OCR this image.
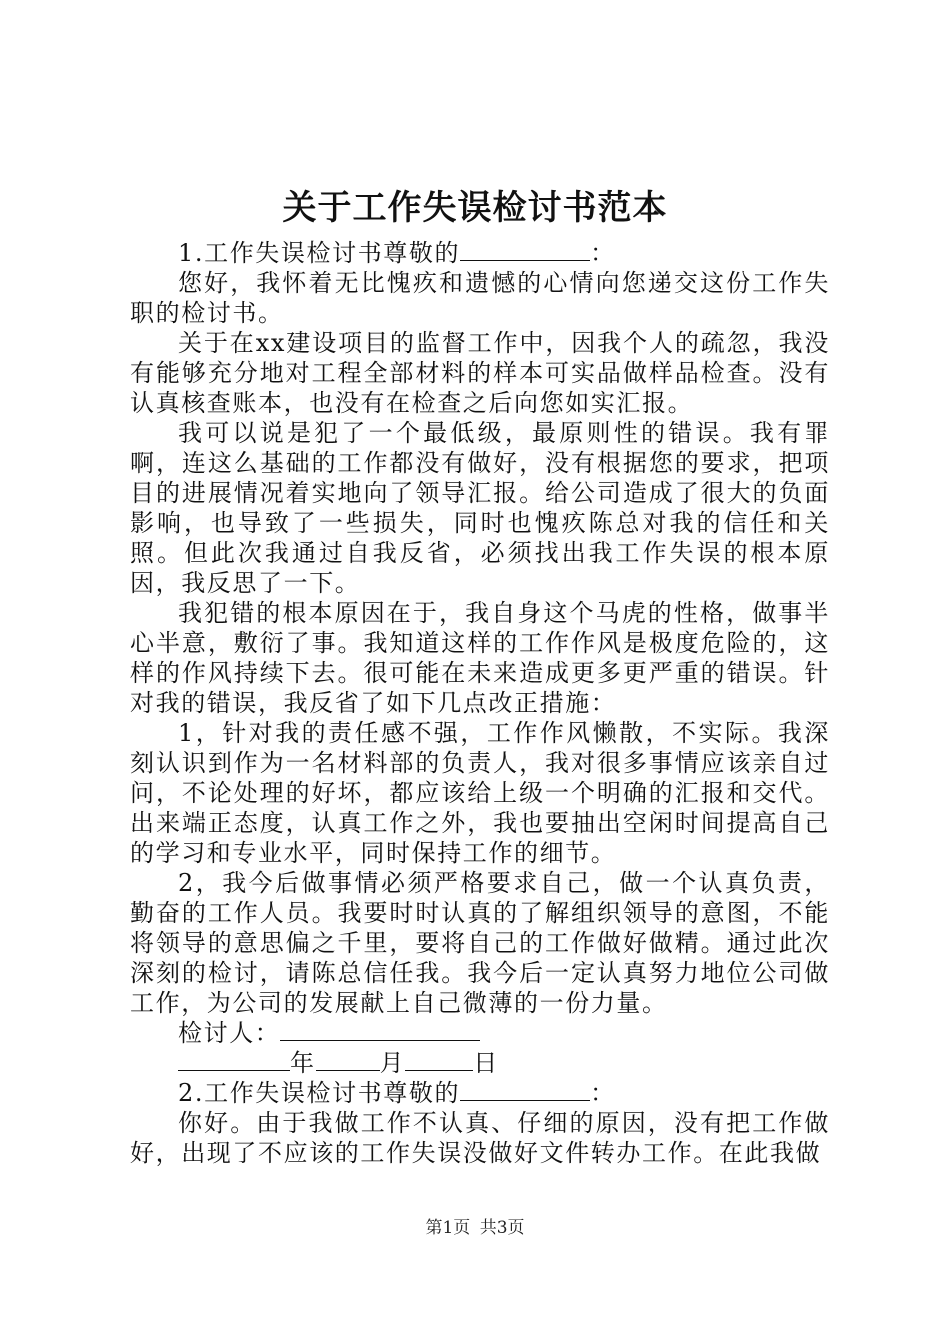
关于工作失误检讨书范本

1.工作失误检讨书尊敬的	：

您好，我怀着无比愧疚和遗憾的心情向您递交这份工作失职的检讨书。

关于在xx建设项目的监督工作中，因我个人的疏忽，我没有能够充分地对工程全部材料的样本可实品做样品检查。没有认真核查账本，也没有在检查之后向您如实汇报。

我可以说是犯了一个最低级，最原则性的错误。我有罪啊，连这么基础的工作都没有做好，没有根据您的要求，把项目的进展情况着实地向了领导汇报。给公司造成了很大的负面影响，也导致了一些损失，同时也愧疚陈总对我的信任和关照。但此次我通过自我反省，必须找出我工作失误的根本原因，我反思了一下。

我犯错的根本原因在于，我自身这个马虎的性格，做事半心半意，敷衍了事。我知道这样的工作作风是极度危险的，这样的作风持续下去。很可能在未来造成更多更严重的错误。针对我的错误，我反省了如下几点改正措施：

1，针对我的责任感不强，工作作风懒散，不实际。我深刻认识到作为一名材料部的负责人，我对很多事情应该亲自过问，不论处理的好坏，都应该给上级一个明确的汇报和交代。出来端正态度，认真工作之外，我也要抽出空闲时间提高自己的学习和专业水平，同时保持工作的细节。

2，我今后做事情必须严格要求自己，做一个认真负责，勤奋的工作人员。我要时时认真的了解组织领导的意图，不能将领导的意思偏之千里，要将自己的工作做好做精。通过此次深刻的检讨，请陈总信任我。我今后一定认真努力地位公司做工作，为公司的发展献上自己微薄的一份力量。

检讨人：

年	月	日

2.工作失误检讨书尊敬的	：

你好。由于我做工作不认真、仔细的原因，没有把工作做好，出现了不应该的工作失误没做好文件转办工作。在此我做

第1页 共3页
